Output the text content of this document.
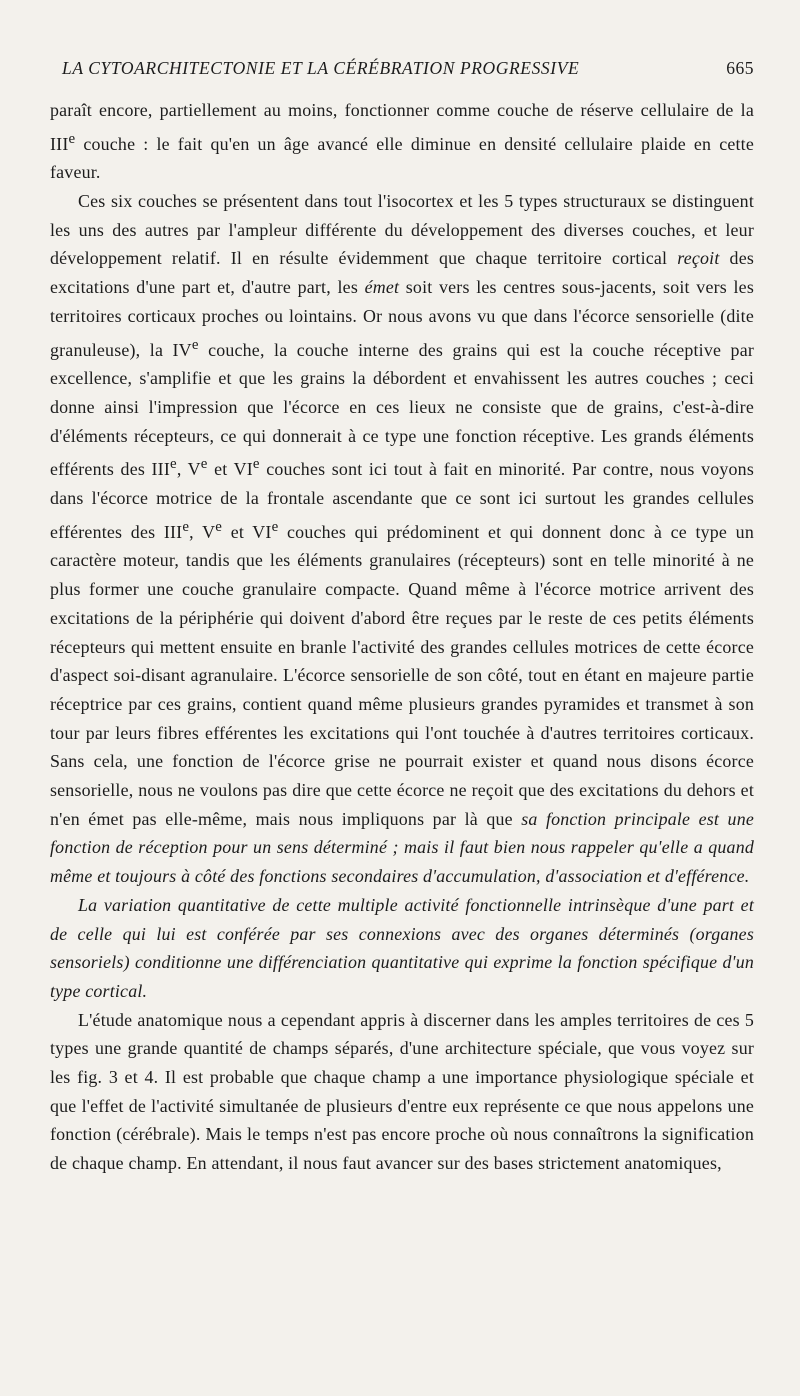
LA CYTOARCHITECTONIE ET LA CÉRÉBRATION PROGRESSIVE	665

paraît encore, partiellement au moins, fonctionner comme couche de réserve cellulaire de la IIIe couche : le fait qu'en un âge avancé elle diminue en densité cellulaire plaide en cette faveur.

Ces six couches se présentent dans tout l'isocortex et les 5 types structuraux se distinguent les uns des autres par l'ampleur différente du développement des diverses couches, et leur développement relatif. Il en résulte évidemment que chaque territoire cortical reçoit des excitations d'une part et, d'autre part, les émet soit vers les centres sous-jacents, soit vers les territoires corticaux proches ou lointains. Or nous avons vu que dans l'écorce sensorielle (dite granuleuse), la IVe couche, la couche interne des grains qui est la couche réceptive par excellence, s'amplifie et que les grains la débordent et envahissent les autres couches ; ceci donne ainsi l'impression que l'écorce en ces lieux ne consiste que de grains, c'est-à-dire d'éléments récepteurs, ce qui donnerait à ce type une fonction réceptive. Les grands éléments efférents des IIIe, Ve et VIe couches sont ici tout à fait en minorité. Par contre, nous voyons dans l'écorce motrice de la frontale ascendante que ce sont ici surtout les grandes cellules efférentes des IIIe, Ve et VIe couches qui prédominent et qui donnent donc à ce type un caractère moteur, tandis que les éléments granulaires (récepteurs) sont en telle minorité à ne plus former une couche granulaire compacte. Quand même à l'écorce motrice arrivent des excitations de la périphérie qui doivent d'abord être reçues par le reste de ces petits éléments récepteurs qui mettent ensuite en branle l'activité des grandes cellules motrices de cette écorce d'aspect soi-disant agranulaire. L'écorce sensorielle de son côté, tout en étant en majeure partie réceptrice par ces grains, contient quand même plusieurs grandes pyramides et transmet à son tour par leurs fibres efférentes les excitations qui l'ont touchée à d'autres territoires corticaux. Sans cela, une fonction de l'écorce grise ne pourrait exister et quand nous disons écorce sensorielle, nous ne voulons pas dire que cette écorce ne reçoit que des excitations du dehors et n'en émet pas elle-même, mais nous impliquons par là que sa fonction principale est une fonction de réception pour un sens déterminé ; mais il faut bien nous rappeler qu'elle a quand même et toujours à côté des fonctions secondaires d'accumulation, d'association et d'efférence.

La variation quantitative de cette multiple activité fonctionnelle intrinsèque d'une part et de celle qui lui est conférée par ses connexions avec des organes déterminés (organes sensoriels) conditionne une différenciation quantitative qui exprime la fonction spécifique d'un type cortical.

L'étude anatomique nous a cependant appris à discerner dans les amples territoires de ces 5 types une grande quantité de champs séparés, d'une architecture spéciale, que vous voyez sur les fig. 3 et 4. Il est probable que chaque champ a une importance physiologique spéciale et que l'effet de l'activité simultanée de plusieurs d'entre eux représente ce que nous appelons une fonction (cérébrale). Mais le temps n'est pas encore proche où nous connaîtrons la signification de chaque champ. En attendant, il nous faut avancer sur des bases strictement anatomiques,
